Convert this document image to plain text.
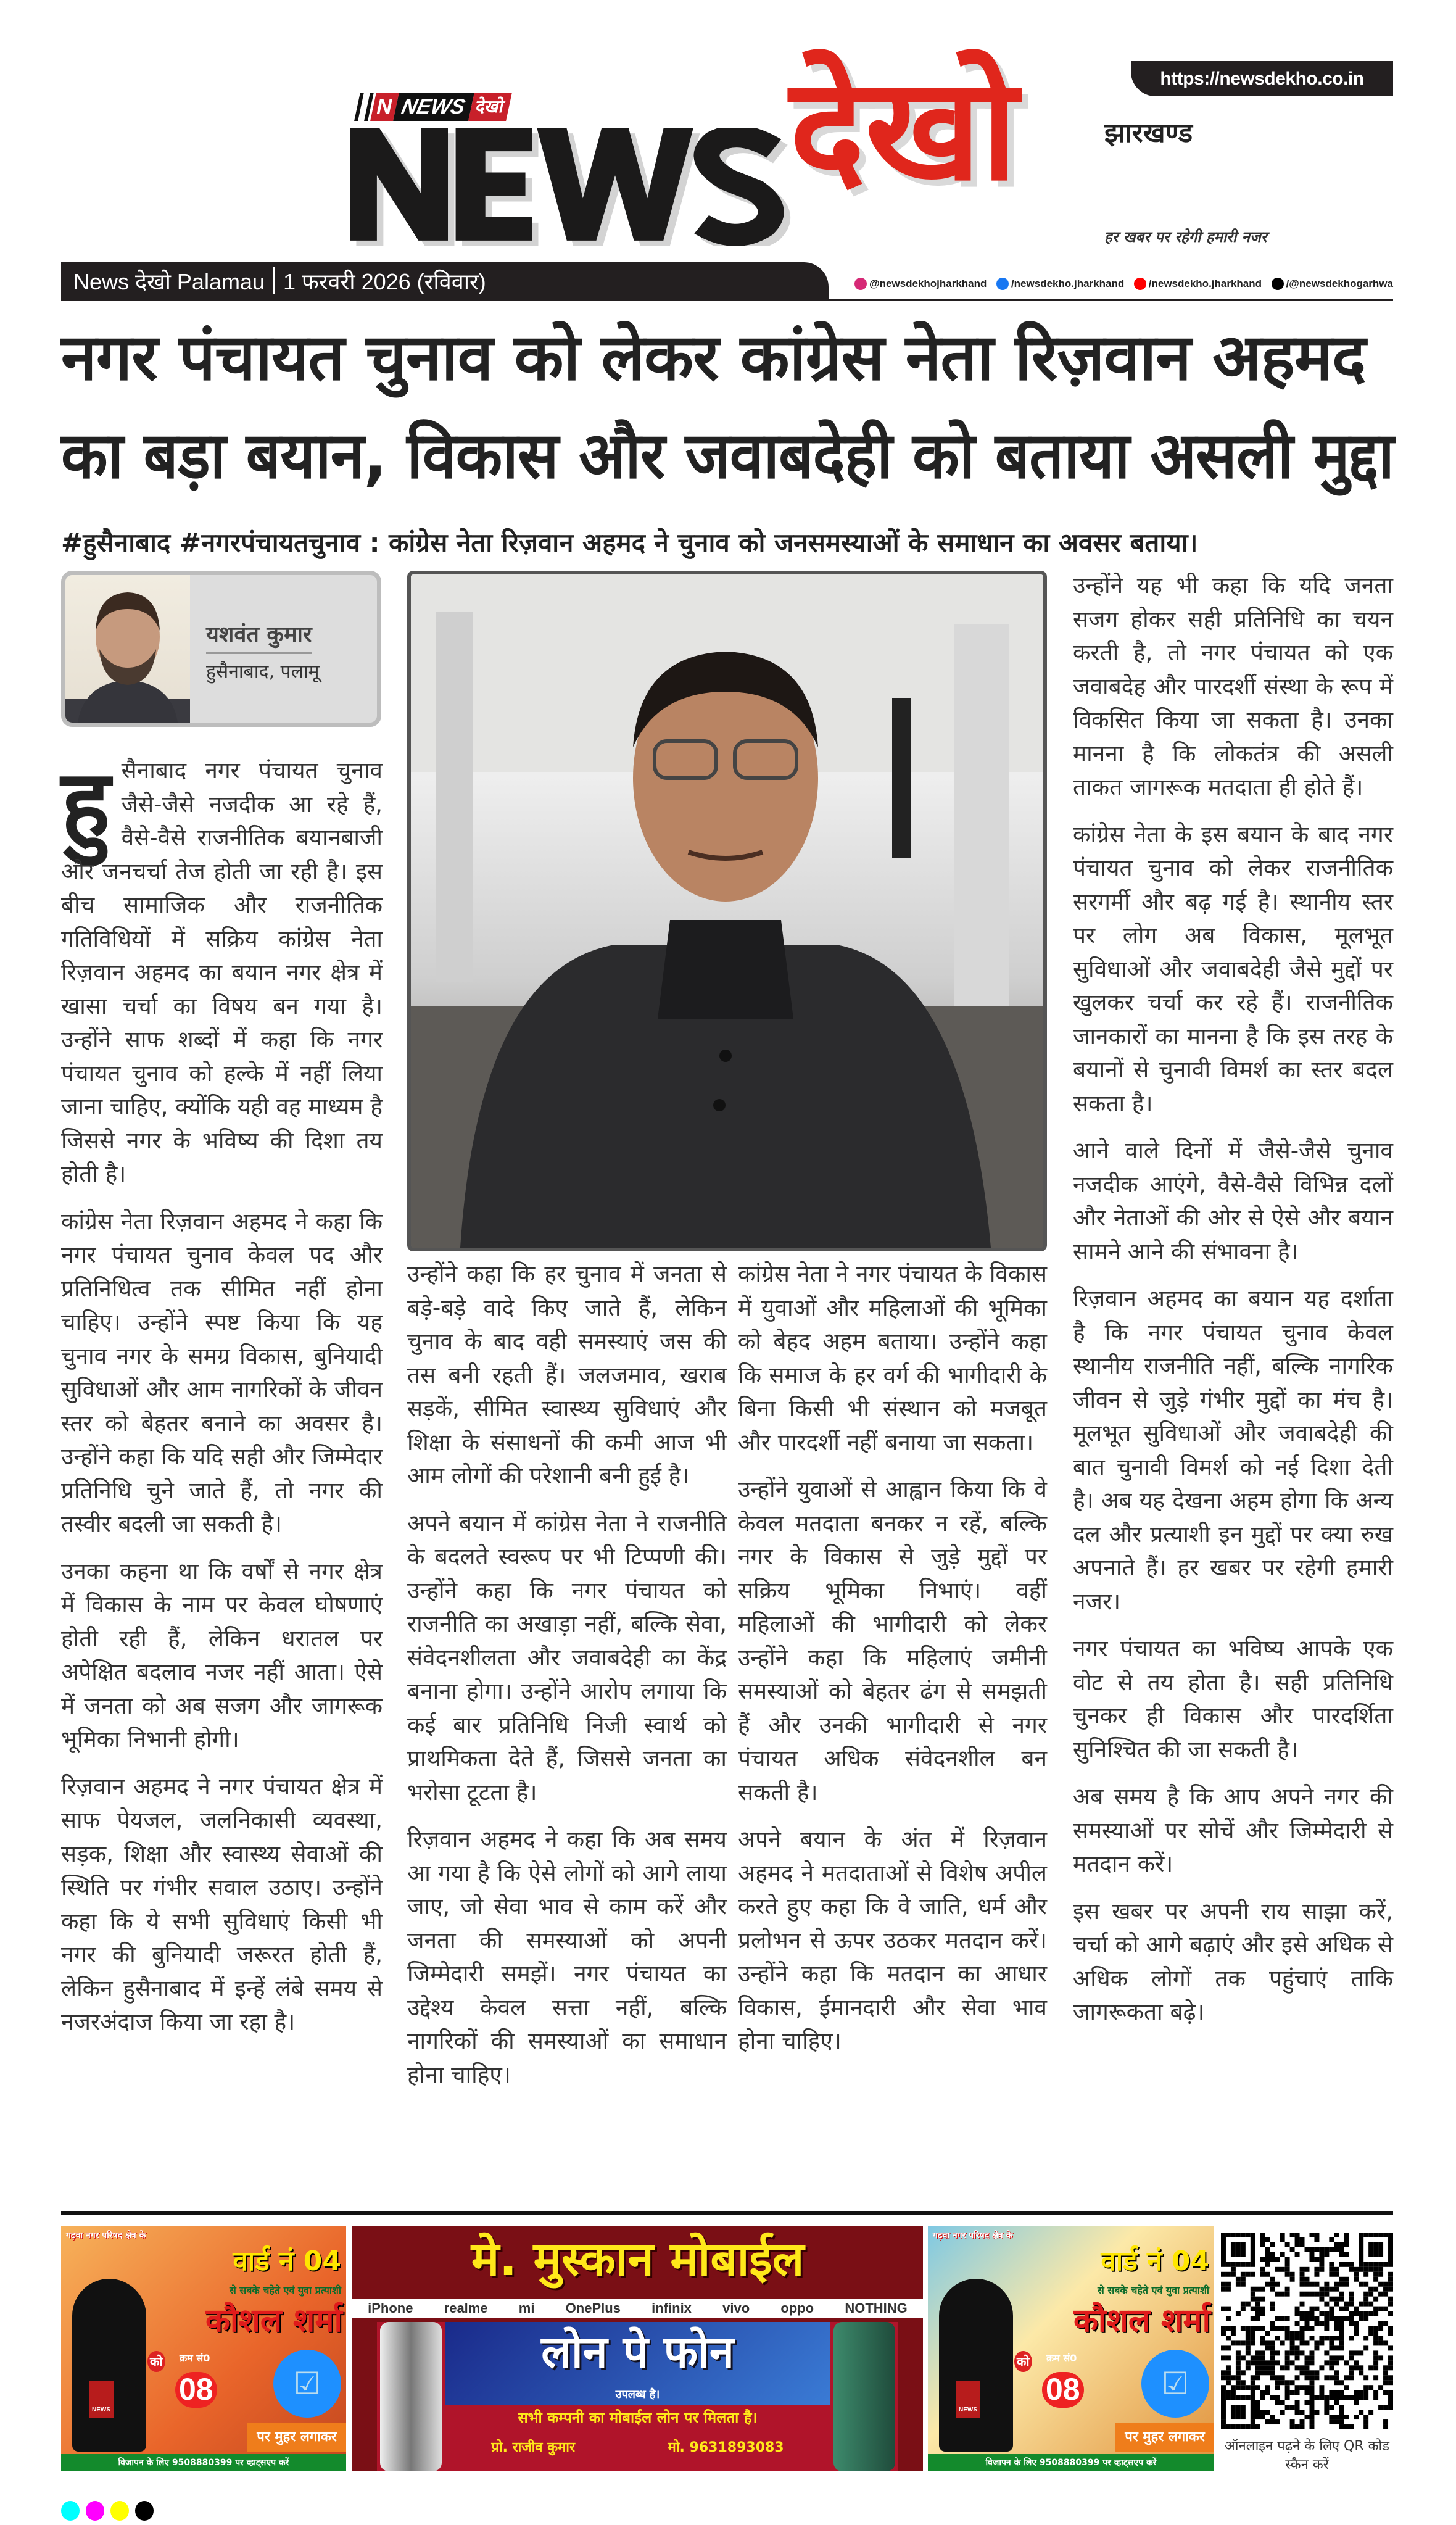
https://newsdekho.co.in
N NEWS देखो देखो	झारखण्ड
हर खबर पर रहेगी हमारी नजर
News देखो Palamau 1 फरवरी 2026 (रविवार)	@newsdekhojharkhand /newsdekho.jharkhand /newsdekho.jharkhand /@newsdekhogarhwa
नगर पंचायत चुनाव को लेकर कांग्रेस नेता रिज़वान अहमद
का बड़ा बयान, विकास और जवाबदेही को बताया असली मुद्दा
#हुसैनाबाद #नगरपंचायतचुनाव : कांग्रेस नेता रिज़वान अहमद ने चुनाव को जनसमस्याओं के समाधान का अवसर बताया।
यशवंत कुमार
हुसैनाबाद, पलामू

हुसैनाबाद नगर पंचायत चुनाव जैसे-जैसे नजदीक आ रहे हैं, वैसे-वैसे राजनीतिक बयानबाजी और जनचर्चा तेज होती जा रही है। इस बीच सामाजिक और राजनीतिक गतिविधियों में सक्रिय कांग्रेस नेता रिज़वान अहमद का बयान नगर क्षेत्र में खासा चर्चा का विषय बन गया है। उन्होंने साफ शब्दों में कहा कि नगर पंचायत चुनाव को हल्के में नहीं लिया जाना चाहिए, क्योंकि यही वह माध्यम है जिससे नगर के भविष्य की दिशा तय होती है।

कांग्रेस नेता रिज़वान अहमद ने कहा कि नगर पंचायत चुनाव केवल पद और प्रतिनिधित्व तक सीमित नहीं होना चाहिए। उन्होंने स्पष्ट किया कि यह चुनाव नगर के समग्र विकास, बुनियादी सुविधाओं और आम नागरिकों के जीवन स्तर को बेहतर बनाने का अवसर है। उन्होंने कहा कि यदि सही और जिम्मेदार प्रतिनिधि चुने जाते हैं, तो नगर की तस्वीर बदली जा सकती है।

उनका कहना था कि वर्षों से नगर क्षेत्र में विकास के नाम पर केवल घोषणाएं होती रही हैं, लेकिन धरातल पर अपेक्षित बदलाव नजर नहीं आता। ऐसे में जनता को अब सजग और जागरूक भूमिका निभानी होगी।

रिज़वान अहमद ने नगर पंचायत क्षेत्र में साफ पेयजल, जलनिकासी व्यवस्था, सड़क, शिक्षा और स्वास्थ्य सेवाओं की स्थिति पर गंभीर सवाल उठाए। उन्होंने कहा कि ये सभी सुविधाएं किसी भी नगर की बुनियादी जरूरत होती हैं, लेकिन हुसैनाबाद में इन्हें लंबे समय से नजरअंदाज किया जा रहा है।

उन्होंने कहा कि हर चुनाव में जनता से बड़े-बड़े वादे किए जाते हैं, लेकिन चुनाव के बाद वही समस्याएं जस की तस बनी रहती हैं। जलजमाव, खराब सड़कें, सीमित स्वास्थ्य सुविधाएं और शिक्षा के संसाधनों की कमी आज भी आम लोगों की परेशानी बनी हुई है।

अपने बयान में कांग्रेस नेता ने राजनीति के बदलते स्वरूप पर भी टिप्पणी की। उन्होंने कहा कि नगर पंचायत को राजनीति का अखाड़ा नहीं, बल्कि सेवा, संवेदनशीलता और जवाबदेही का केंद्र बनाना होगा। उन्होंने आरोप लगाया कि कई बार प्रतिनिधि निजी स्वार्थ को प्राथमिकता देते हैं, जिससे जनता का भरोसा टूटता है।

रिज़वान अहमद ने कहा कि अब समय आ गया है कि ऐसे लोगों को आगे लाया जाए, जो सेवा भाव से काम करें और जनता की समस्याओं को अपनी जिम्मेदारी समझें। नगर पंचायत का उद्देश्य केवल सत्ता नहीं, बल्कि नागरिकों की समस्याओं का समाधान होना चाहिए।

कांग्रेस नेता ने नगर पंचायत के विकास में युवाओं और महिलाओं की भूमिका को बेहद अहम बताया। उन्होंने कहा कि समाज के हर वर्ग की भागीदारी के बिना किसी भी संस्थान को मजबूत और पारदर्शी नहीं बनाया जा सकता।

उन्होंने युवाओं से आह्वान किया कि वे केवल मतदाता बनकर न रहें, बल्कि नगर के विकास से जुड़े मुद्दों पर सक्रिय भूमिका निभाएं। वहीं महिलाओं की भागीदारी को लेकर उन्होंने कहा कि महिलाएं जमीनी समस्याओं को बेहतर ढंग से समझती हैं और उनकी भागीदारी से नगर पंचायत अधिक संवेदनशील बन सकती है।

अपने बयान के अंत में रिज़वान अहमद ने मतदाताओं से विशेष अपील करते हुए कहा कि वे जाति, धर्म और प्रलोभन से ऊपर उठकर मतदान करें। उन्होंने कहा कि मतदान का आधार विकास, ईमानदारी और सेवा भाव होना चाहिए।

उन्होंने यह भी कहा कि यदि जनता सजग होकर सही प्रतिनिधि का चयन करती है, तो नगर पंचायत को एक जवाबदेह और पारदर्शी संस्था के रूप में विकसित किया जा सकता है। उनका मानना है कि लोकतंत्र की असली ताकत जागरूक मतदाता ही होते हैं।

कांग्रेस नेता के इस बयान के बाद नगर पंचायत चुनाव को लेकर राजनीतिक सरगर्मी और बढ़ गई है। स्थानीय स्तर पर लोग अब विकास, मूलभूत सुविधाओं और जवाबदेही जैसे मुद्दों पर खुलकर चर्चा कर रहे हैं। राजनीतिक जानकारों का मानना है कि इस तरह के बयानों से चुनावी विमर्श का स्तर बदल सकता है।

आने वाले दिनों में जैसे-जैसे चुनाव नजदीक आएंगे, वैसे-वैसे विभिन्न दलों और नेताओं की ओर से ऐसे और बयान सामने आने की संभावना है।

रिज़वान अहमद का बयान यह दर्शाता है कि नगर पंचायत चुनाव केवल स्थानीय राजनीति नहीं, बल्कि नागरिक जीवन से जुड़े गंभीर मुद्दों का मंच है। मूलभूत सुविधाओं और जवाबदेही की बात चुनावी विमर्श को नई दिशा देती है। अब यह देखना अहम होगा कि अन्य दल और प्रत्याशी इन मुद्दों पर क्या रुख अपनाते हैं। हर खबर पर रहेगी हमारी नजर।

नगर पंचायत का भविष्य आपके एक वोट से तय होता है। सही प्रतिनिधि चुनकर ही विकास और पारदर्शिता सुनिश्चित की जा सकती है।

अब समय है कि आप अपने नगर की समस्याओं पर सोचें और जिम्मेदारी से मतदान करें।

इस खबर पर अपनी राय साझा करें, चर्चा को आगे बढ़ाएं और इसे अधिक से अधिक लोगों तक पहुंचाएं ताकि जागरूकता बढ़े।

NEWS
गढ़वा नगर परिषद क्षेत्र के
वार्ड नं 04
से सबके चहेते एवं युवा प्रत्याशी
कौशल शर्मा
को क्रम सं0
08	☑
पर मुहर लगाकर
विजापन के लिए 9508880399 पर व्हाट्सएप करें
मे. मुस्कान मोबाईल
iPhone realme mi OnePlus infinix vivo oppo NOTHING
लोन पे फोन
उपलब्ध है।
सभी कम्पनी का मोबाईल लोन पर मिलता है।
प्रो. राजीव कुमार	मो. 9631893083
NEWS
गढ़वा नगर परिषद क्षेत्र के
वार्ड नं 04
से सबके चहेते एवं युवा प्रत्याशी
कौशल शर्मा
को क्रम सं0
08	☑
पर मुहर लगाकर
विजापन के लिए 9508880399 पर व्हाट्सएप करें
ऑनलाइन पढ़ने के लिए QR कोड स्कैन करें
